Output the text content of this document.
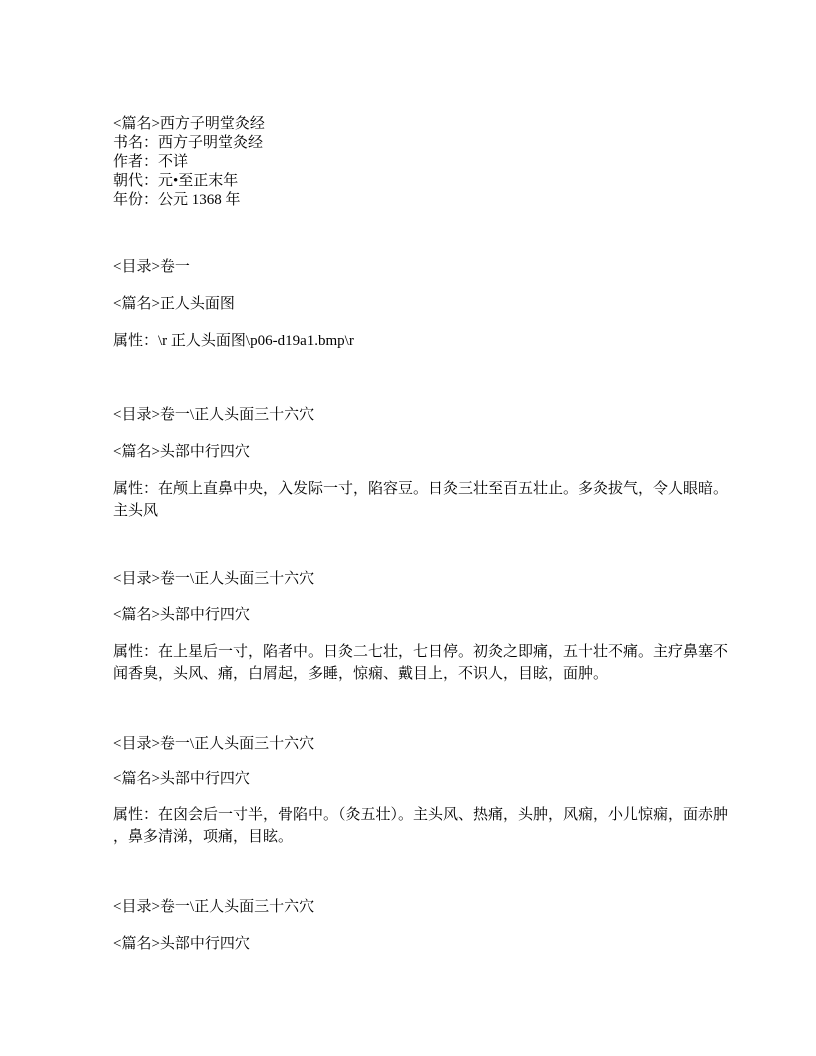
<篇名>西方子明堂灸经
书名：西方子明堂灸经
作者：不详
朝代：元•至正末年
年份：公元 1368 年
<目录>卷一
<篇名>正人头面图
属性：\r 正人头面图\p06-d19a1.bmp\r
<目录>卷一\正人头面三十六穴
<篇名>头部中行四穴
属性：在颅上直鼻中央，入发际一寸，陷容豆。日灸三壮至百五壮止。多灸拔气，令人眼暗。
主头风
<目录>卷一\正人头面三十六穴
<篇名>头部中行四穴
属性：在上星后一寸，陷者中。日灸二七壮，七日停。初灸之即痛，五十壮不痛。主疗鼻塞不
闻香臭，头风、痛，白屑起，多睡，惊痫、戴目上，不识人，目眩，面肿。
<目录>卷一\正人头面三十六穴
<篇名>头部中行四穴
属性：在囟会后一寸半，骨陷中。（灸五壮）。主头风、热痛，头肿，风痫，小儿惊痫，面赤肿
，鼻多清涕，项痛，目眩。
<目录>卷一\正人头面三十六穴
<篇名>头部中行四穴
